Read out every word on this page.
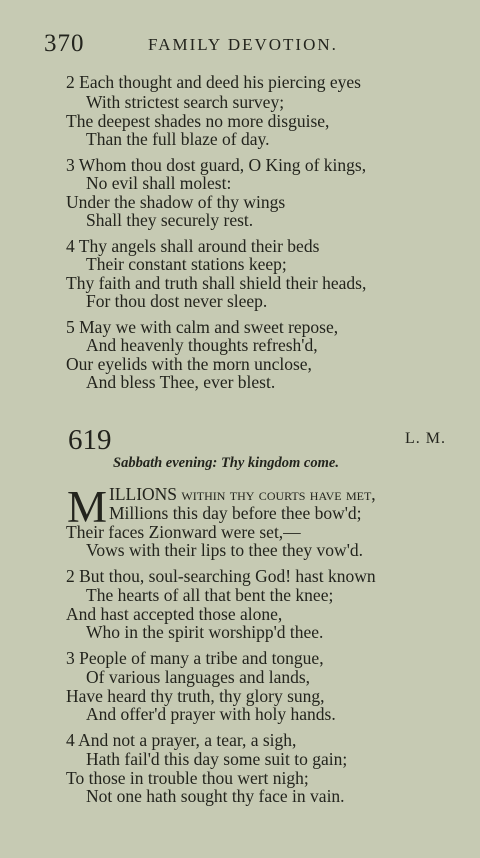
370	FAMILY DEVOTION.
2 Each thought and deed his piercing eyes
With strictest search survey;
The deepest shades no more disguise,
Than the full blaze of day.
3 Whom thou dost guard, O King of kings,
No evil shall molest:
Under the shadow of thy wings
Shall they securely rest.
4 Thy angels shall around their beds
Their constant stations keep;
Thy faith and truth shall shield their heads,
For thou dost never sleep.
5 May we with calm and sweet repose,
And heavenly thoughts refresh'd,
Our eyelids with the morn unclose,
And bless Thee, ever blest.
619	L. M.
Sabbath evening: Thy kingdom come.
M ILLIONS within thy courts have met,
Millions this day before thee bow'd;
Their faces Zionward were set,—
Vows with their lips to thee they vow'd.
2 But thou, soul-searching God! hast known
The hearts of all that bent the knee;
And hast accepted those alone,
Who in the spirit worshipp'd thee.
3 People of many a tribe and tongue,
Of various languages and lands,
Have heard thy truth, thy glory sung,
And offer'd prayer with holy hands.
4 And not a prayer, a tear, a sigh,
Hath fail'd this day some suit to gain;
To those in trouble thou wert nigh;
Not one hath sought thy face in vain.
